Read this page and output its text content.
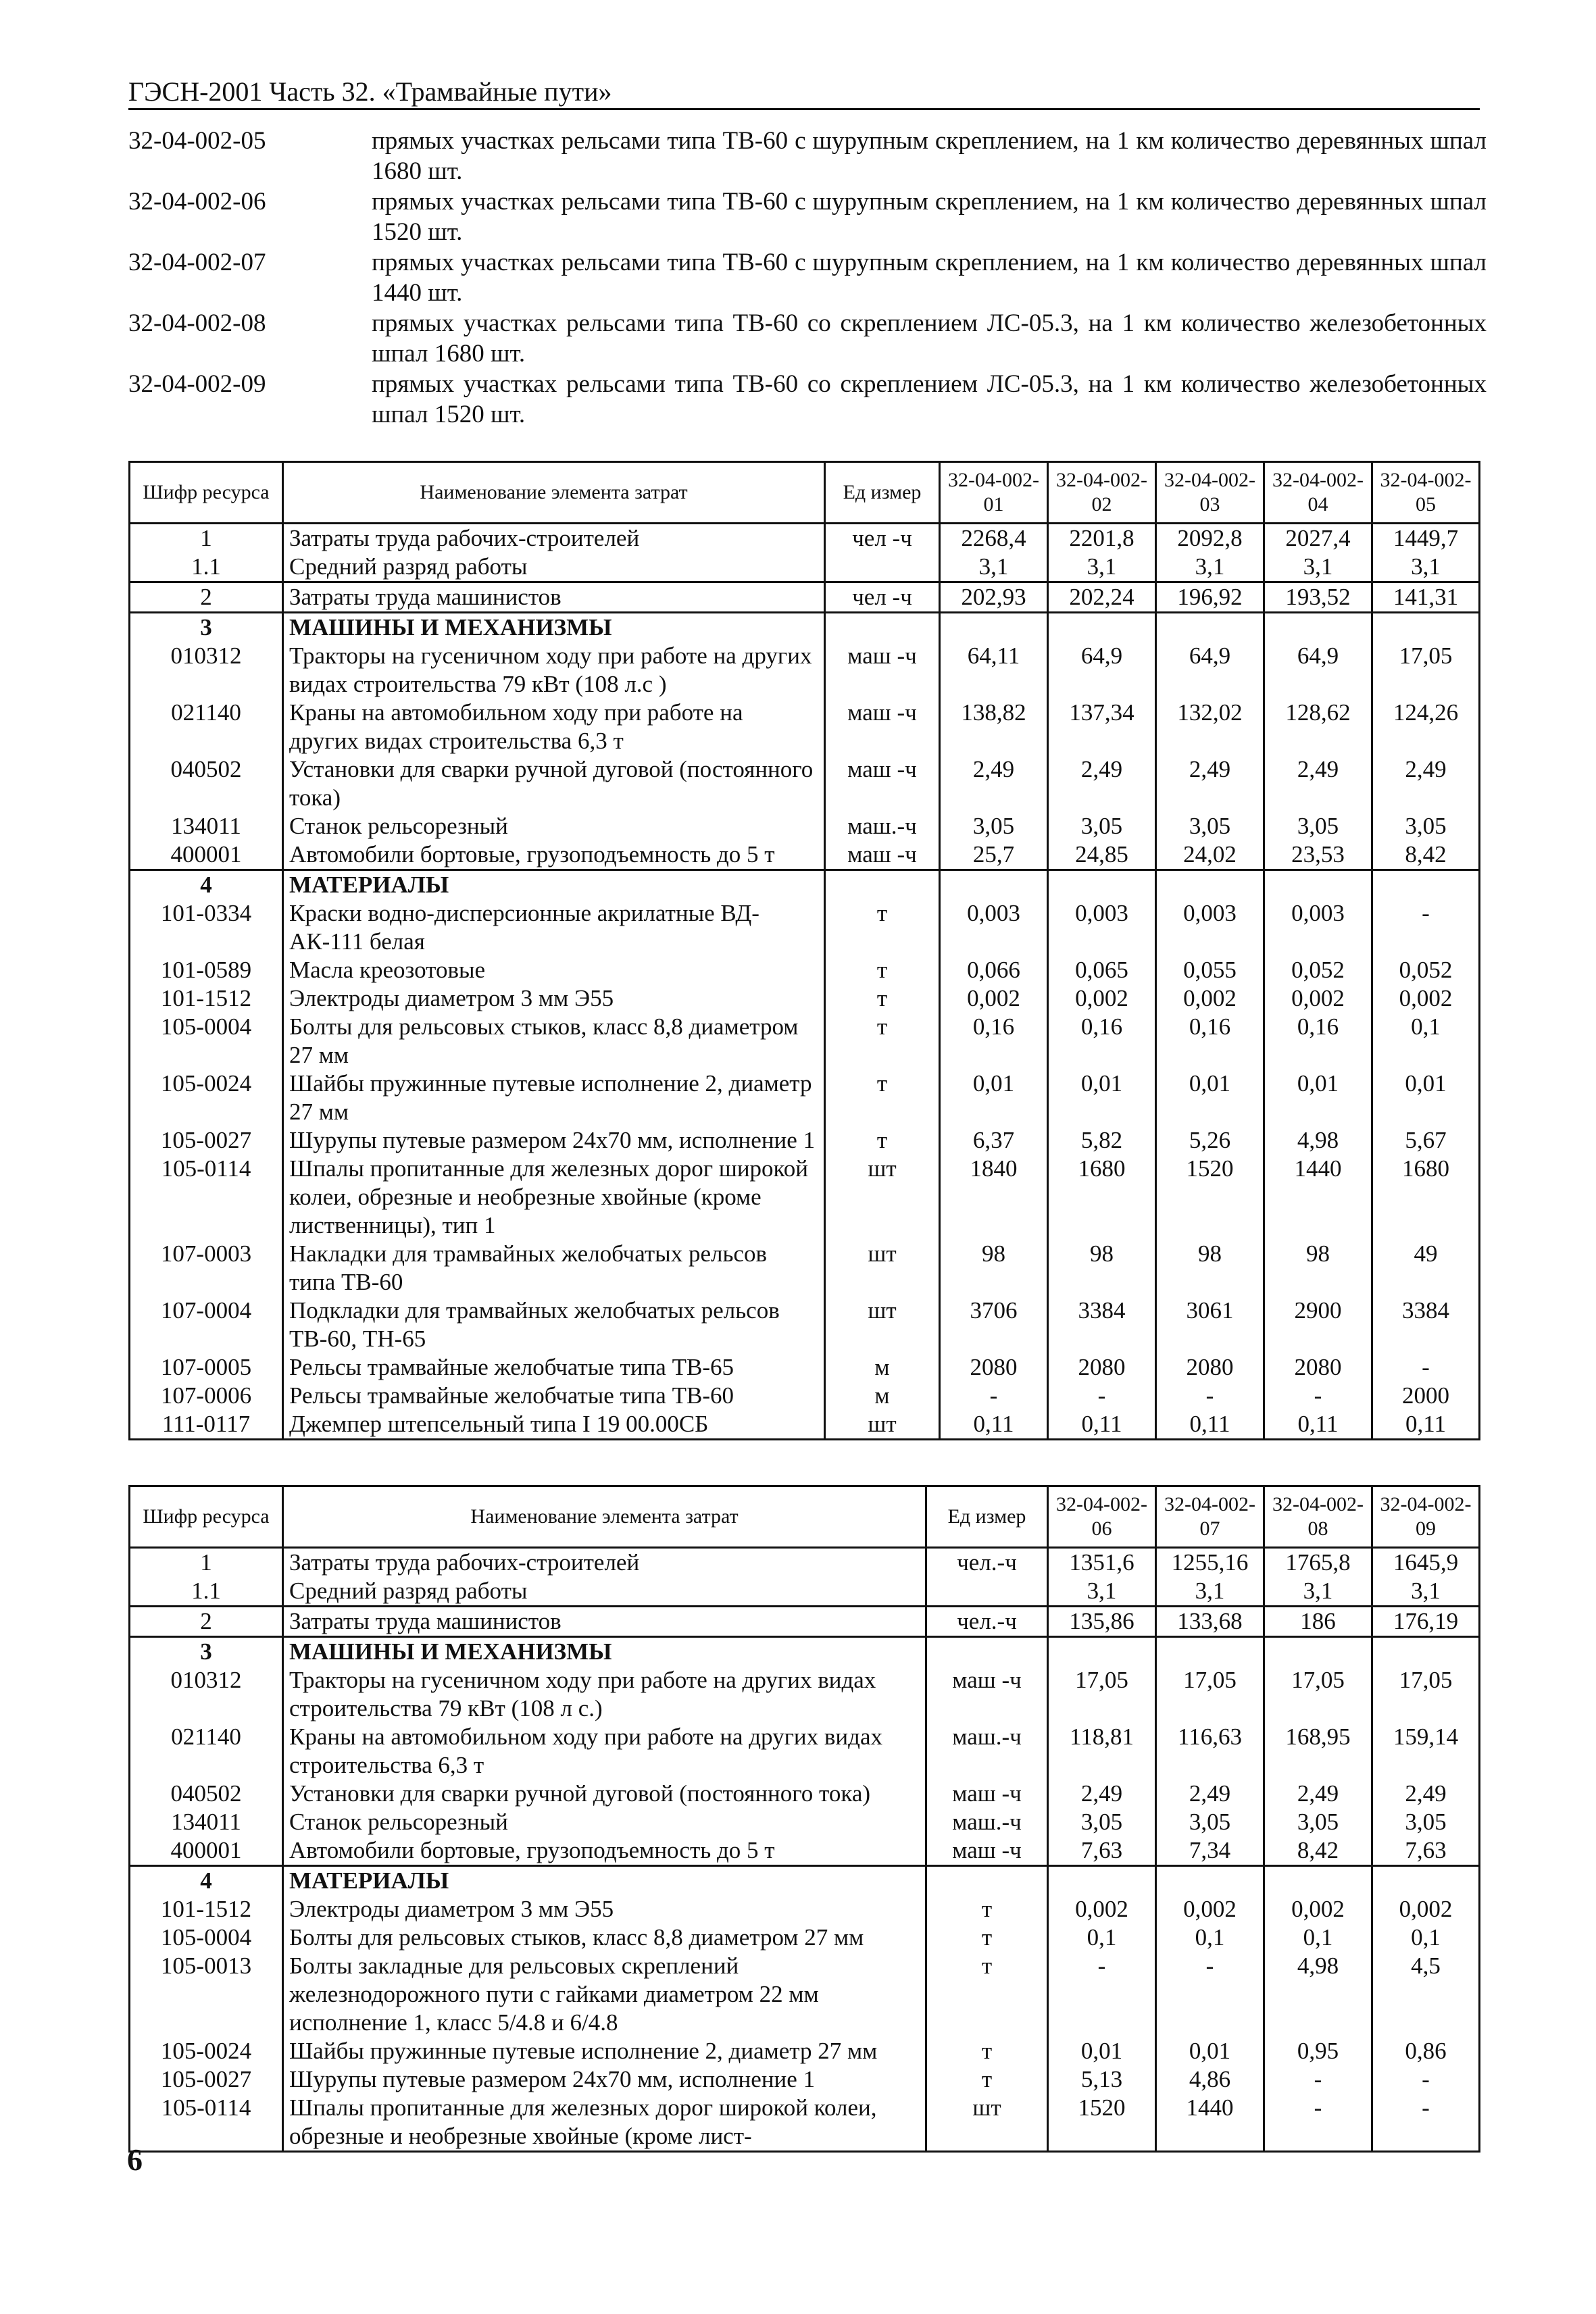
ГЭСН-2001 Часть 32. «Трамвайные пути»
32-04-002-05	прямых участках рельсами типа ТВ-60 с шурупным скреплением, на 1 км количество деревянных шпал 1680 шт.
32-04-002-06	прямых участках рельсами типа ТВ-60 с шурупным скреплением, на 1 км количество деревянных шпал 1520 шт.
32-04-002-07	прямых участках рельсами типа ТВ-60 с шурупным скреплением, на 1 км количество деревянных шпал 1440 шт.
32-04-002-08	прямых участках рельсами типа ТВ-60 со скреплением ЛС-05.3, на 1 км количество железобетонных шпал 1680 шт.
32-04-002-09	прямых участках рельсами типа ТВ-60 со скреплением ЛС-05.3, на 1 км количество железобетонных шпал 1520 шт.
Шифр ресурса	Наименование элемента затрат	Ед измер	32-04-002-01	32-04-002-02	32-04-002-03	32-04-002-04	32-04-002-05
1	Затраты труда рабочих-строителей	чел -ч	2268,4	2201,8	2092,8	2027,4	1449,7
1.1	Средний разряд работы		3,1	3,1	3,1	3,1	3,1
2	Затраты труда машинистов	чел -ч	202,93	202,24	196,92	193,52	141,31
3	МАШИНЫ И МЕХАНИЗМЫ						
010312	Тракторы на гусеничном ходу при работе на других видах строительства 79 кВт (108 л.с )	маш -ч	64,11	64,9	64,9	64,9	17,05
021140	Краны на автомобильном ходу при работе на других видах строительства 6,3 т	маш -ч	138,82	137,34	132,02	128,62	124,26
040502	Установки для сварки ручной дуговой (постоянного тока)	маш -ч	2,49	2,49	2,49	2,49	2,49
134011	Станок рельсорезный	маш.-ч	3,05	3,05	3,05	3,05	3,05
400001	Автомобили бортовые, грузоподъемность до 5 т	маш -ч	25,7	24,85	24,02	23,53	8,42
4	МАТЕРИАЛЫ						
101-0334	Краски водно-дисперсионные акрилатные ВД-АК-111 белая	т	0,003	0,003	0,003	0,003	-
101-0589	Масла креозотовые	т	0,066	0,065	0,055	0,052	0,052
101-1512	Электроды диаметром 3 мм Э55	т	0,002	0,002	0,002	0,002	0,002
105-0004	Болты для рельсовых стыков, класс 8,8 диаметром 27 мм	т	0,16	0,16	0,16	0,16	0,1
105-0024	Шайбы пружинные путевые исполнение 2, диаметр 27 мм	т	0,01	0,01	0,01	0,01	0,01
105-0027	Шурупы путевые размером 24х70 мм, исполнение 1	т	6,37	5,82	5,26	4,98	5,67
105-0114	Шпалы пропитанные для железных дорог широкой колеи, обрезные и необрезные хвойные (кроме лиственницы), тип 1	шт	1840	1680	1520	1440	1680
107-0003	Накладки для трамвайных желобчатых рельсов типа ТВ-60	шт	98	98	98	98	49
107-0004	Подкладки для трамвайных желобчатых рельсов ТВ-60, ТН-65	шт	3706	3384	3061	2900	3384
107-0005	Рельсы трамвайные желобчатые типа ТВ-65	м	2080	2080	2080	2080	-
107-0006	Рельсы трамвайные желобчатые типа ТВ-60	м	-	-	-	-	2000
111-0117	Джемпер штепсельный типа I 19 00.00СБ	шт	0,11	0,11	0,11	0,11	0,11
Шифр ресурса	Наименование элемента затрат	Ед измер	32-04-002-06	32-04-002-07	32-04-002-08	32-04-002-09
1	Затраты труда рабочих-строителей	чел.-ч	1351,6	1255,16	1765,8	1645,9
1.1	Средний разряд работы		3,1	3,1	3,1	3,1
2	Затраты труда машинистов	чел.-ч	135,86	133,68	186	176,19
3	МАШИНЫ И МЕХАНИЗМЫ					
010312	Тракторы на гусеничном ходу при работе на других видах строительства 79 кВт (108 л с.)	маш -ч	17,05	17,05	17,05	17,05
021140	Краны на автомобильном ходу при работе на других видах строительства 6,3 т	маш.-ч	118,81	116,63	168,95	159,14
040502	Установки для сварки ручной дуговой (постоянного тока)	маш -ч	2,49	2,49	2,49	2,49
134011	Станок рельсорезный	маш.-ч	3,05	3,05	3,05	3,05
400001	Автомобили бортовые, грузоподъемность до 5 т	маш -ч	7,63	7,34	8,42	7,63
4	МАТЕРИАЛЫ					
101-1512	Электроды диаметром 3 мм Э55	т	0,002	0,002	0,002	0,002
105-0004	Болты для рельсовых стыков, класс 8,8 диаметром 27 мм	т	0,1	0,1	0,1	0,1
105-0013	Болты закладные для рельсовых скреплений железнодорожного пути с гайками диаметром 22 мм исполнение 1, класс 5/4.8 и 6/4.8	т	-	-	4,98	4,5
105-0024	Шайбы пружинные путевые исполнение 2, диаметр 27 мм	т	0,01	0,01	0,95	0,86
105-0027	Шурупы путевые размером 24х70 мм, исполнение 1	т	5,13	4,86	-	-
105-0114	Шпалы пропитанные для железных дорог широкой колеи, обрезные и необрезные хвойные (кроме лист-	шт	1520	1440	-	-
6
